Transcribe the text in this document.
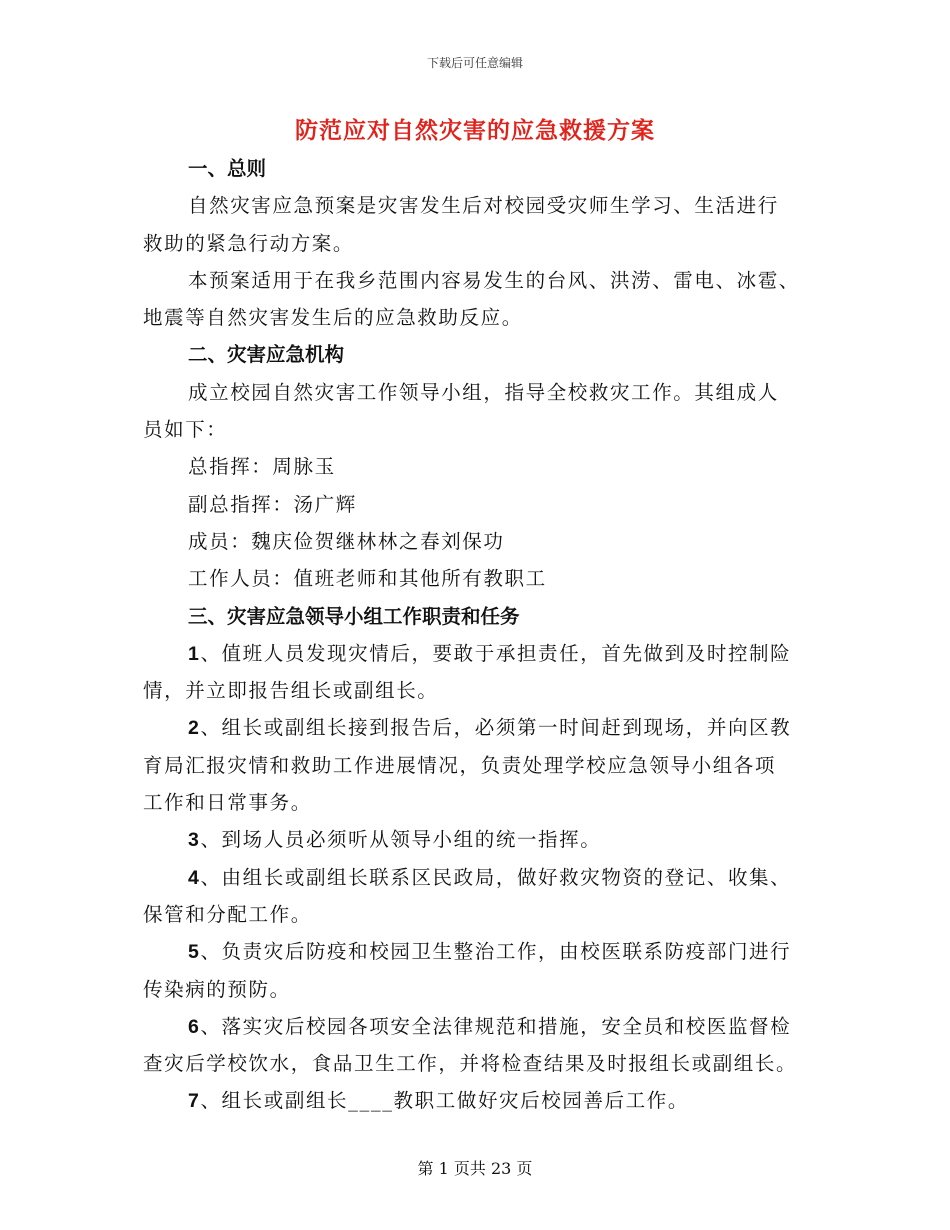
下载后可任意编辑
防范应对自然灾害的应急救援方案
一、总则
自然灾害应急预案是灾害发生后对校园受灾师生学习、生活进行
救助的紧急行动方案。
本预案适用于在我乡范围内容易发生的台风、洪涝、雷电、冰雹、
地震等自然灾害发生后的应急救助反应。
二、灾害应急机构
成立校园自然灾害工作领导小组，指导全校救灾工作。其组成人
员如下：
总指挥：周脉玉
副总指挥：汤广辉
成员：魏庆俭贺继林林之春刘保功
工作人员：值班老师和其他所有教职工
三、灾害应急领导小组工作职责和任务
1、值班人员发现灾情后，要敢于承担责任，首先做到及时控制险
情，并立即报告组长或副组长。
2、组长或副组长接到报告后，必须第一时间赶到现场，并向区教
育局汇报灾情和救助工作进展情况，负责处理学校应急领导小组各项
工作和日常事务。
3、到场人员必须听从领导小组的统一指挥。
4、由组长或副组长联系区民政局，做好救灾物资的登记、收集、
保管和分配工作。
5、负责灾后防疫和校园卫生整治工作，由校医联系防疫部门进行
传染病的预防。
6、落实灾后校园各项安全法律规范和措施，安全员和校医监督检
查灾后学校饮水，食品卫生工作，并将检查结果及时报组长或副组长。
7、组长或副组长____教职工做好灾后校园善后工作。
第 1 页共 23 页
